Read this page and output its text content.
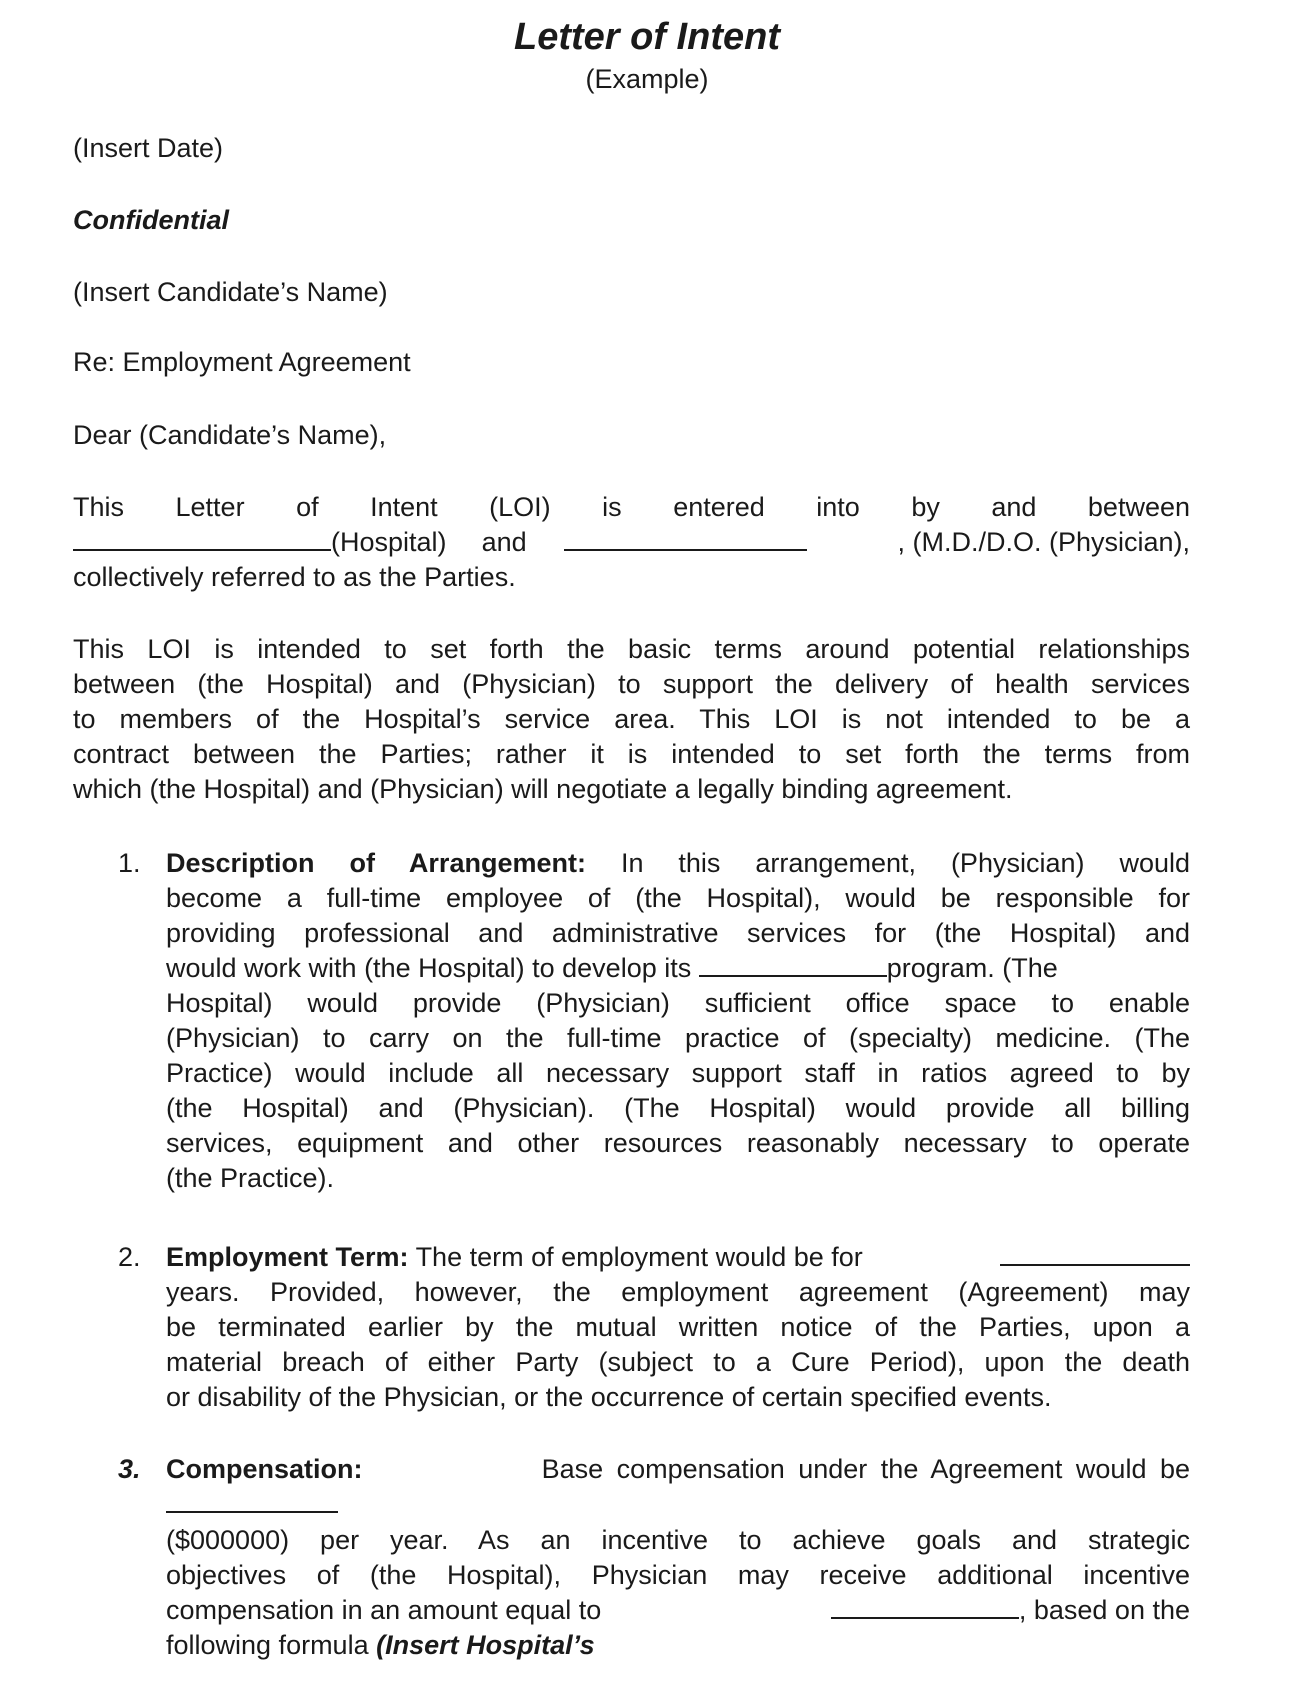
Letter of Intent
(Example)
(Insert Date)
Confidential
(Insert Candidate’s Name)
Re: Employment Agreement
Dear (Candidate’s Name),
This Letter of Intent (LOI) is entered into by and between
(Hospital) and	, (M.D./D.O. (Physician),
collectively referred to as the Parties.
This LOI is intended to set forth the basic terms around potential relationships
between (the Hospital) and (Physician) to support the delivery of health services
to members of the Hospital’s service area. This LOI is not intended to be a
contract between the Parties; rather it is intended to set forth the terms from
which (the Hospital) and (Physician) will negotiate a legally binding agreement.
1. Description of Arrangement: In this arrangement, (Physician) would
become a full-time employee of (the Hospital), would be responsible for
providing professional and administrative services for (the Hospital) and
would work with (the Hospital) to develop its	program. (The
Hospital) would provide (Physician) sufficient office space to enable
(Physician) to carry on the full-time practice of (specialty) medicine. (The
Practice) would include all necessary support staff in ratios agreed to by
(the Hospital) and (Physician). (The Hospital) would provide all billing
services, equipment and other resources reasonably necessary to operate
(the Practice).
2. Employment Term: The term of employment would be for
years. Provided, however, the employment agreement (Agreement) may
be terminated earlier by the mutual written notice of the Parties, upon a
material breach of either Party (subject to a Cure Period), upon the death
or disability of the Physician, or the occurrence of certain specified events.
3. Compensation:	Base compensation under the Agreement would be
($000000) per year. As an incentive to achieve goals and strategic
objectives of (the Hospital), Physician may receive additional incentive
compensation in an amount equal to	, based on the
following formula (Insert Hospital’s
